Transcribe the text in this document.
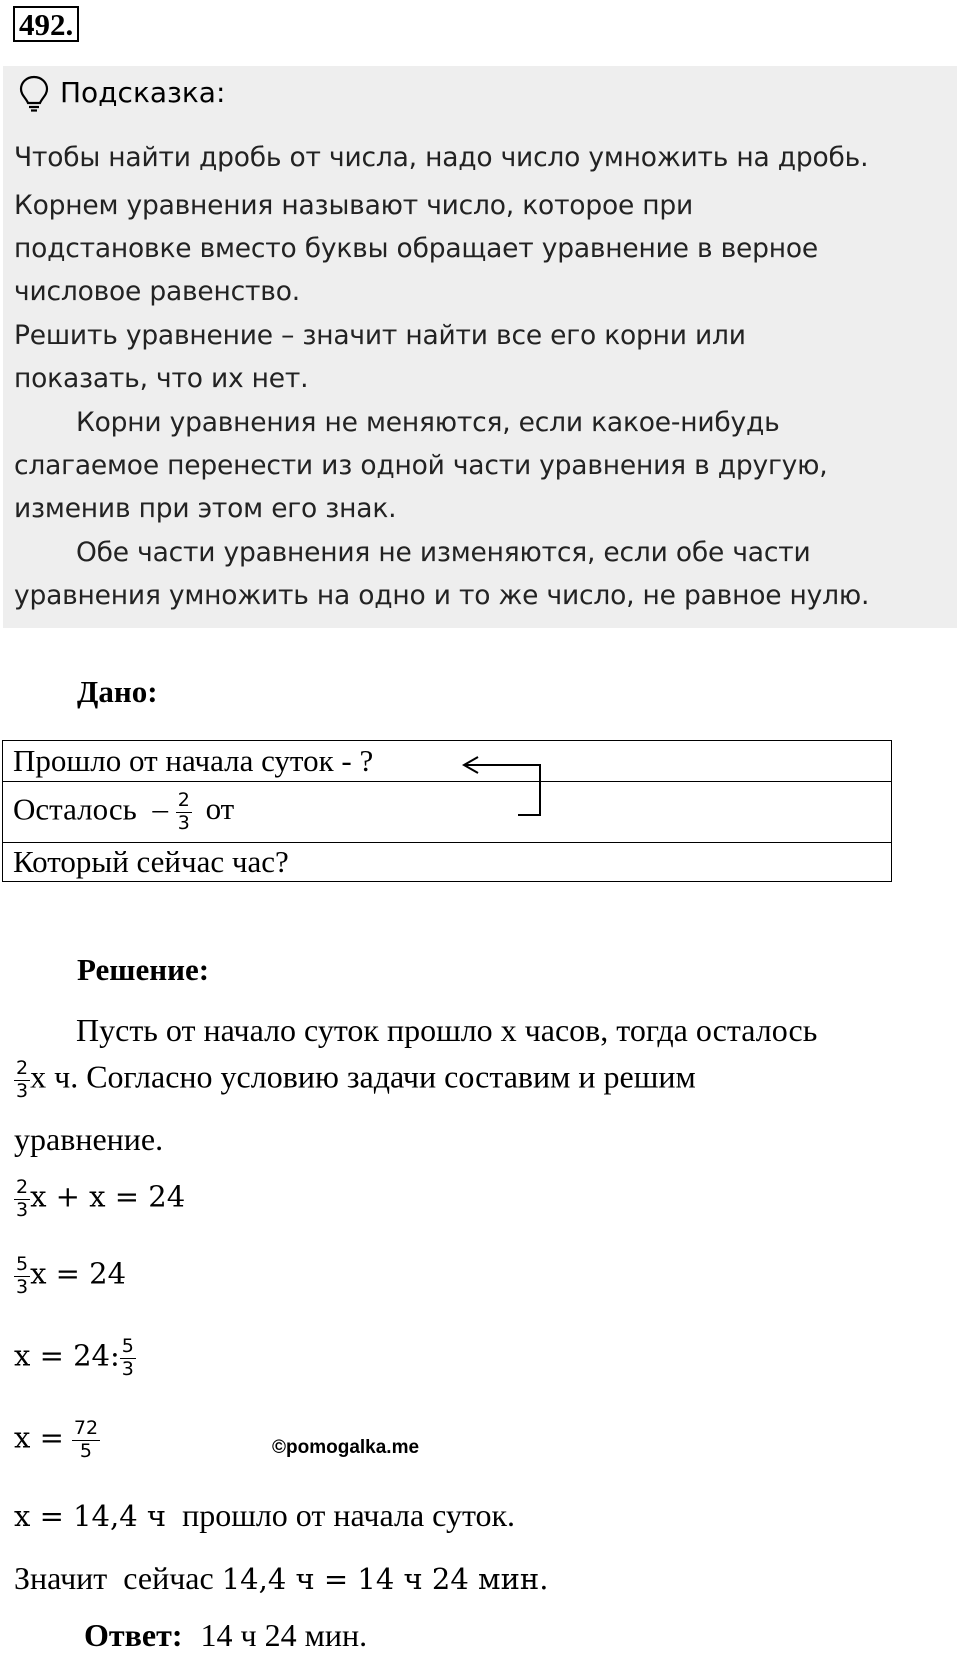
492.
Подсказка:
Чтобы найти дробь от числа, надо число умножить на дробь.
Корнем уравнения называют число, которое при
подстановке вместо буквы обращает уравнение в верное
числовое равенство.
Решить уравнение – значит найти все его корни или
показать, что их нет.
Корни уравнения не меняются, если какое-нибудь
слагаемое перенести из одной части уравнения в другую,
изменив при этом его знак.
Обе части уравнения не изменяются, если обе части
уравнения умножить на одно и то же число, не равное нулю.
Дано:
Прошло от начала суток - ?
Осталось – $\frac{2}{3}$ от
Который сейчас час?
Решение:
Пусть от начало суток прошло х часов, тогда осталось
$\frac{2}{3}$ х ч. Согласно условию задачи составим и решим
уравнение.
$\frac{2}{3}$ x + x = 24
$\frac{5}{3}$ x = 24
x = 24: $\frac{5}{3}$
$x = \frac{72}{5}$	©pomogalka.me
x = 14,4 ч  прошло от начала суток.
Значит  сейчас 14,4 ч = 14 ч 24 мин.
Ответ: 14 ч 24 мин.
